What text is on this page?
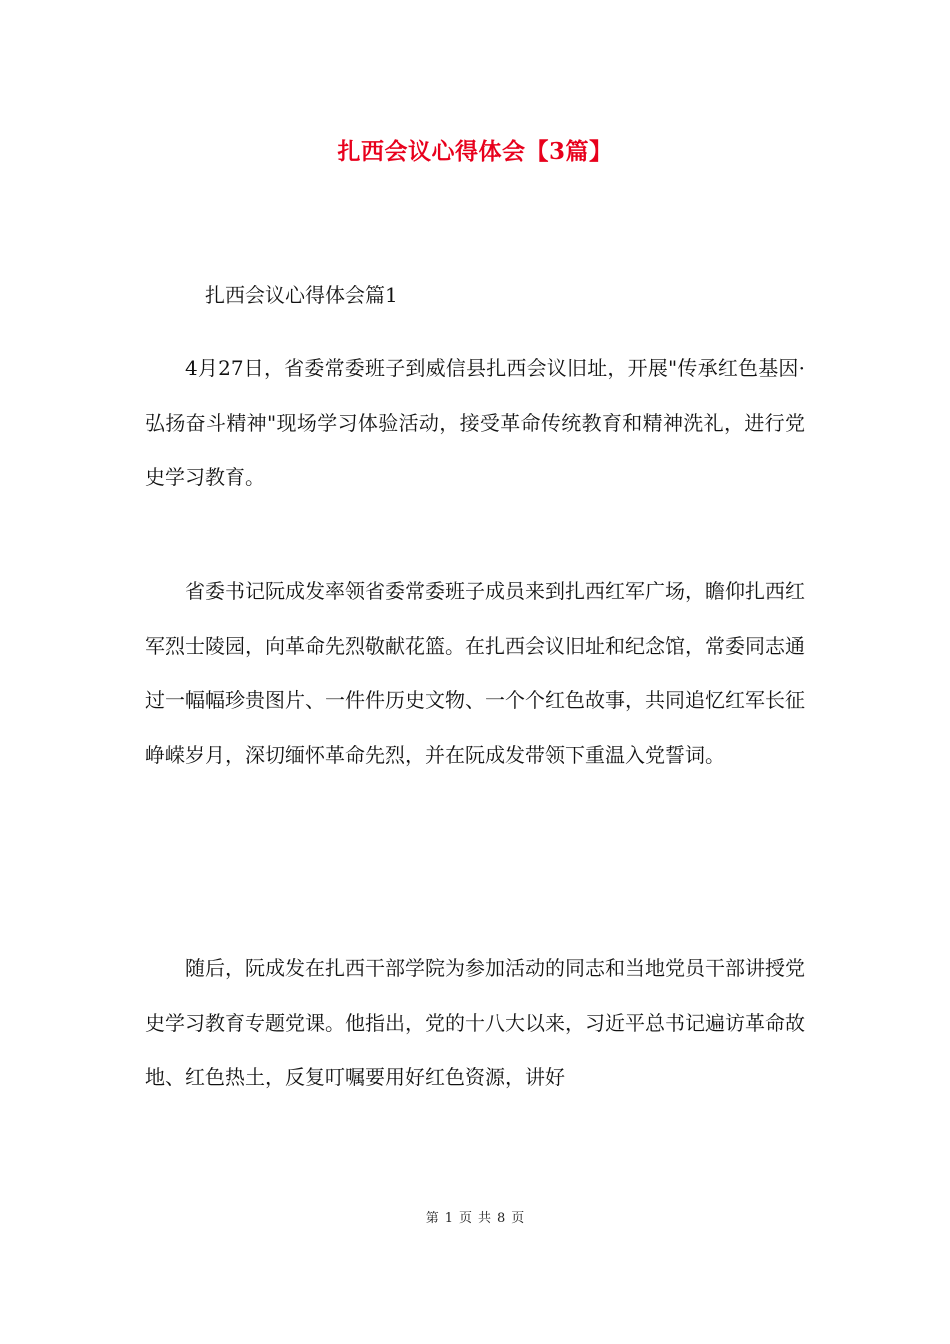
扎西会议心得体会【3篇】
扎西会议心得体会篇1

4月27日，省委常委班子到威信县扎西会议旧址，开展"传承红色基因·弘扬奋斗精神"现场学习体验活动，接受革命传统教育和精神洗礼，进行党史学习教育。

省委书记阮成发率领省委常委班子成员来到扎西红军广场，瞻仰扎西红军烈士陵园，向革命先烈敬献花篮。在扎西会议旧址和纪念馆，常委同志通过一幅幅珍贵图片、一件件历史文物、一个个红色故事，共同追忆红军长征峥嵘岁月，深切缅怀革命先烈，并在阮成发带领下重温入党誓词。

随后，阮成发在扎西干部学院为参加活动的同志和当地党员干部讲授党史学习教育专题党课。他指出，党的十八大以来，习近平总书记遍访革命故地、红色热土，反复叮嘱要用好红色资源，讲好

第 1 页 共 8 页
